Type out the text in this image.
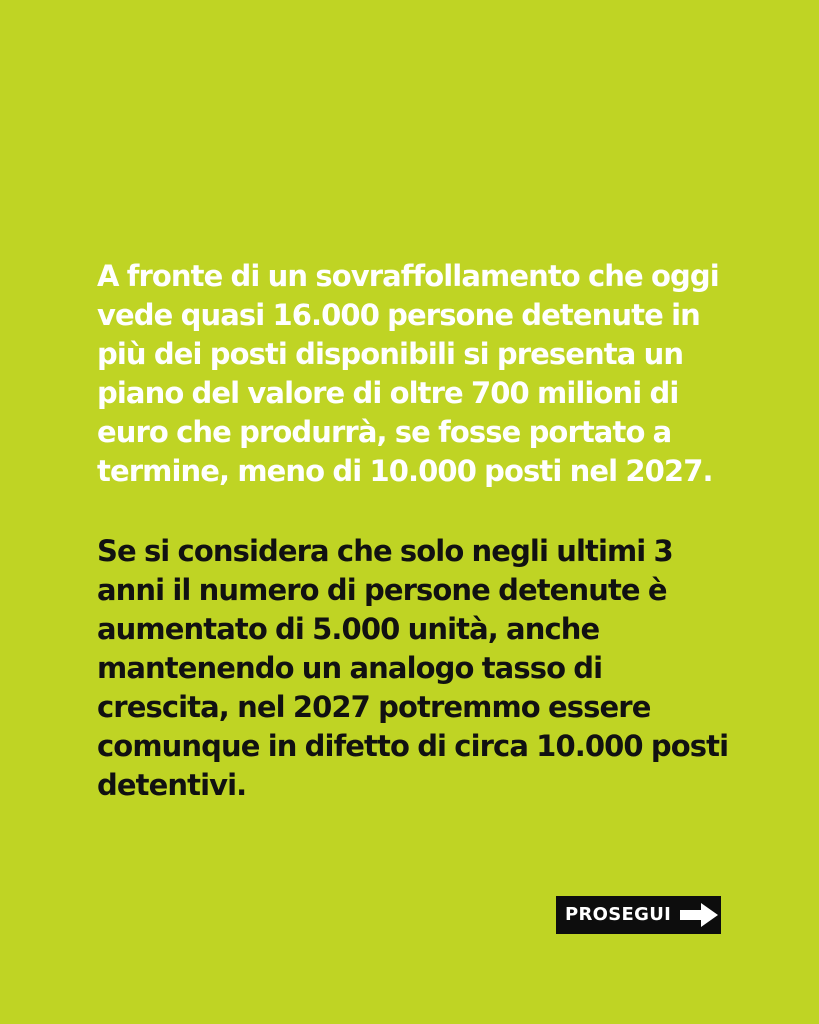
A fronte di un sovraffollamento che oggi
vede quasi 16.000 persone detenute in
più dei posti disponibili si presenta un
piano del valore di oltre 700 milioni di
euro che produrrà, se fosse portato a
termine, meno di 10.000 posti nel 2027.

Se si considera che solo negli ultimi 3
anni il numero di persone detenute è
aumentato di 5.000 unità, anche
mantenendo un analogo tasso di
crescita, nel 2027 potremmo essere
comunque in difetto di circa 10.000 posti
detentivi.

PROSEGUI
